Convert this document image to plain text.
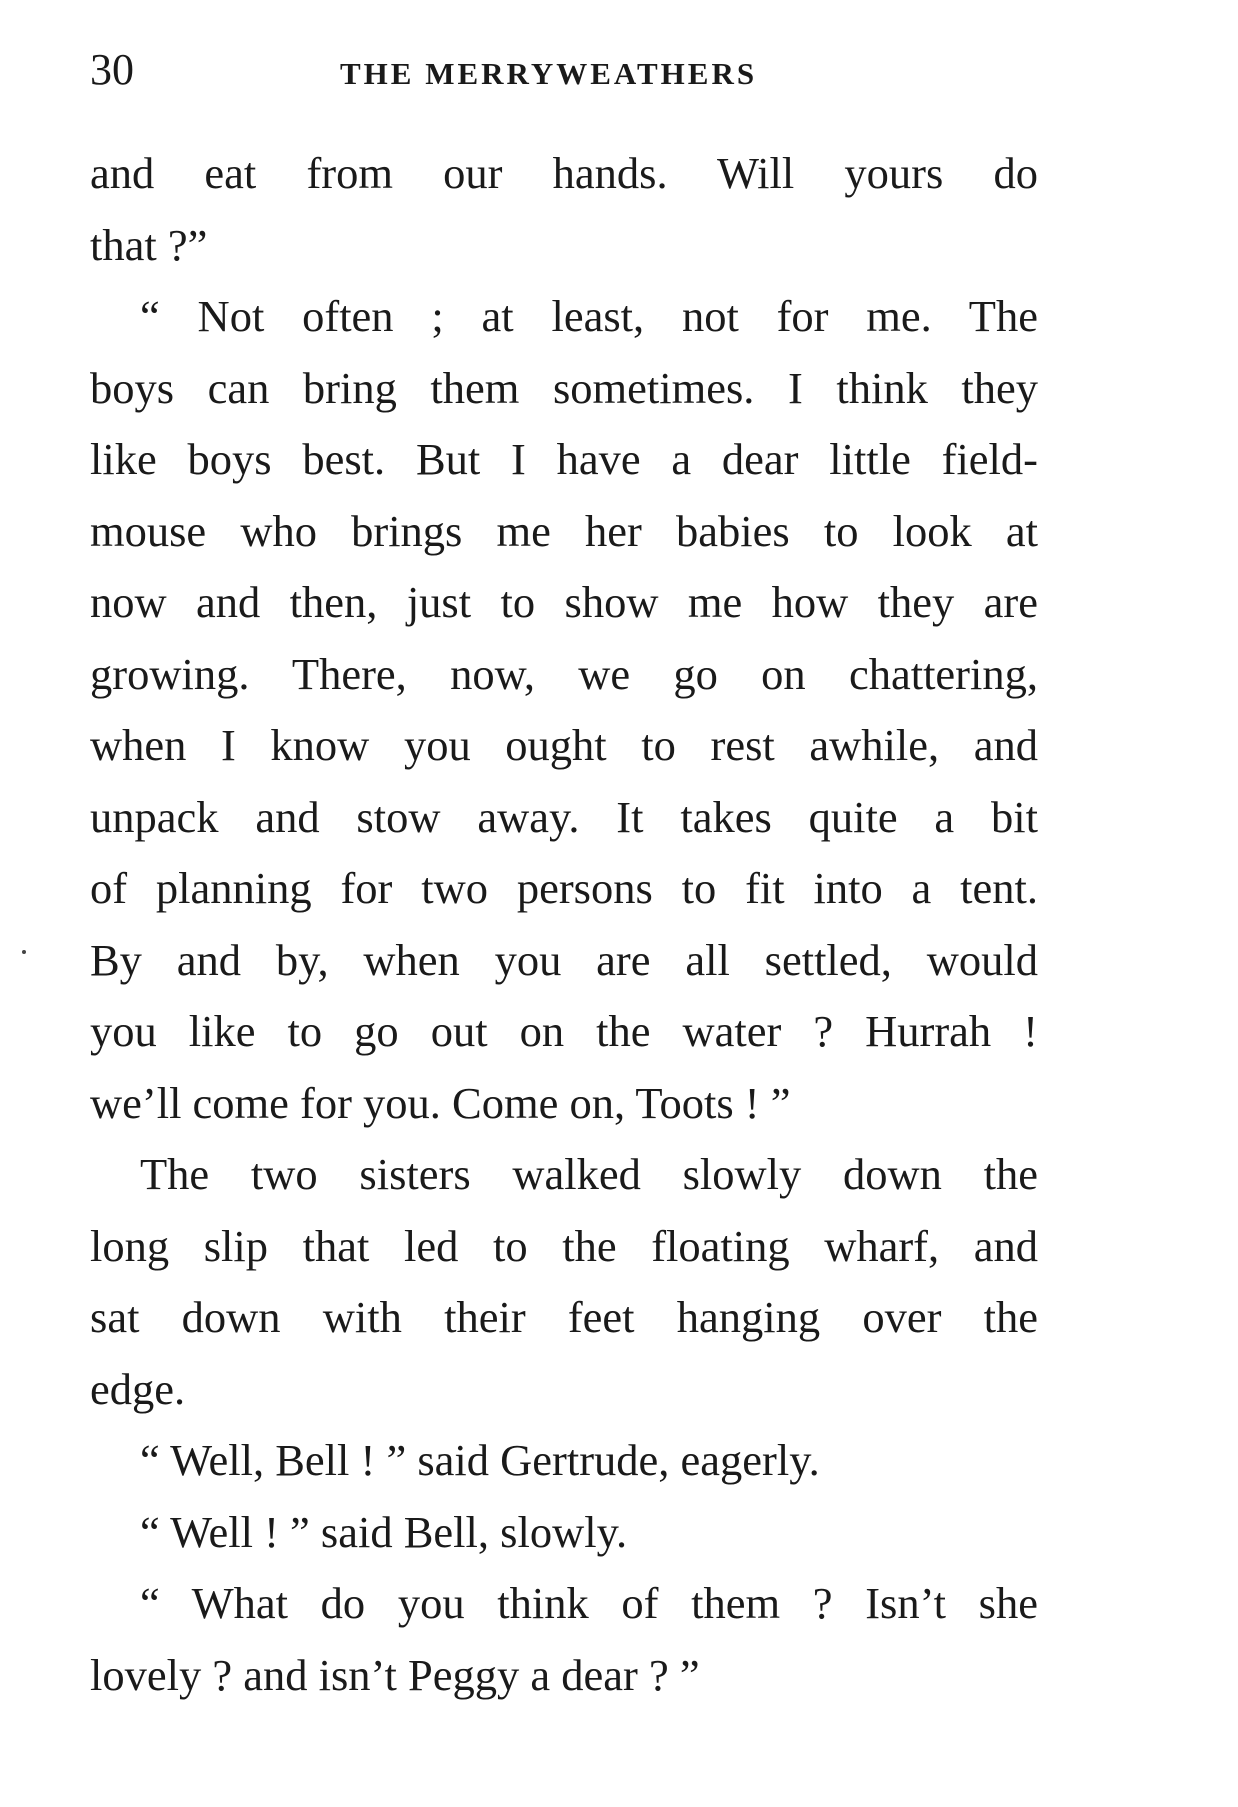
30	THE MERRYWEATHERS
and eat from our hands. Will yours do
that ?”
“ Not often ; at least, not for me. The
boys can bring them sometimes. I think they
like boys best. But I have a dear little field-
mouse who brings me her babies to look at
now and then, just to show me how they are
growing. There, now, we go on chattering,
when I know you ought to rest awhile, and
unpack and stow away. It takes quite a bit
of planning for two persons to fit into a tent.
By and by, when you are all settled, would
you like to go out on the water ? Hurrah !
we’ll come for you. Come on, Toots ! ”
The two sisters walked slowly down the
long slip that led to the floating wharf, and
sat down with their feet hanging over the
edge.
“ Well, Bell ! ” said Gertrude, eagerly.
“ Well ! ” said Bell, slowly.
“ What do you think of them ? Isn’t she
lovely ? and isn’t Peggy a dear ? ”
